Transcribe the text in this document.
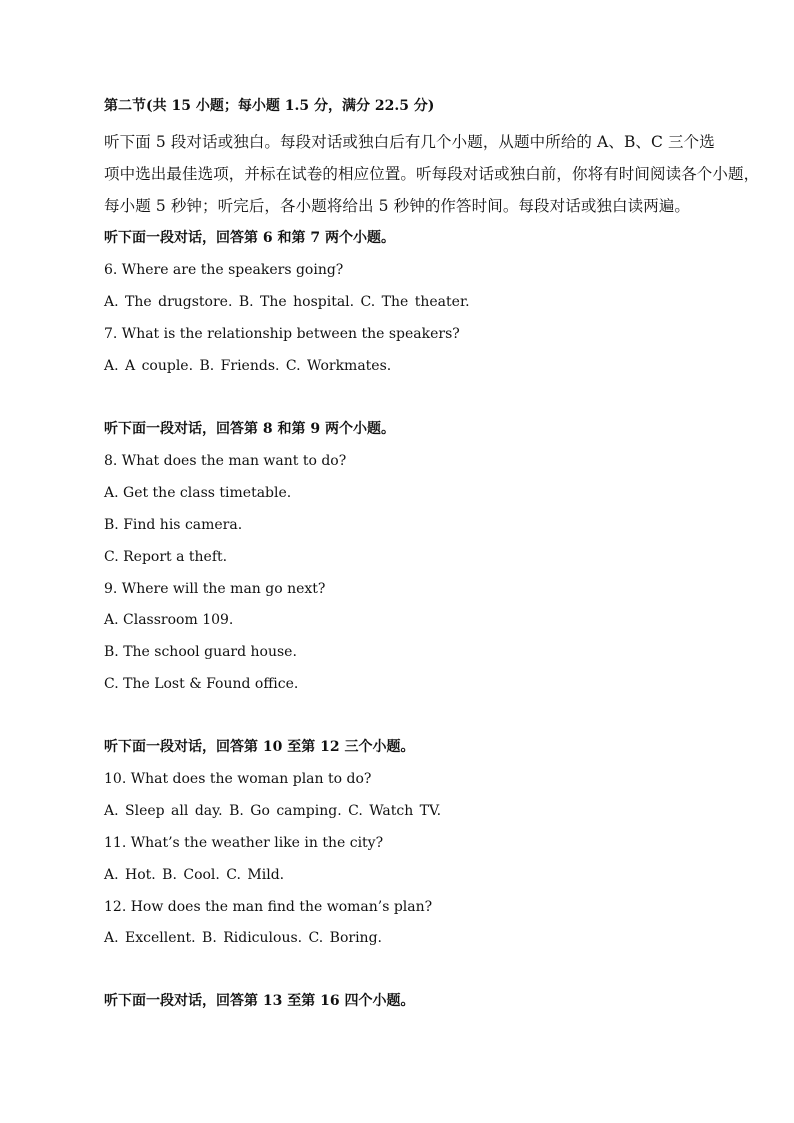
第二节(共 15 小题；每小题 1.5 分，满分 22.5 分)

听下面 5 段对话或独白。每段对话或独白后有几个小题，从题中所给的 A、B、C 三个选

项中选出最佳选项，并标在试卷的相应位置。听每段对话或独白前，你将有时间阅读各个小题，

每小题 5 秒钟；听完后，各小题将给出 5 秒钟的作答时间。每段对话或独白读两遍。

听下面一段对话，回答第 6 和第 7 两个小题。

6. Where are the speakers going?

A. The drugstore. B. The hospital. C. The theater.

7. What is the relationship between the speakers?

A. A couple. B. Friends. C. Workmates.

听下面一段对话，回答第 8 和第 9 两个小题。

8. What does the man want to do?

A. Get the class timetable.

B. Find his camera.

C. Report a theft.

9. Where will the man go next?

A. Classroom 109.

B. The school guard house.

C. The Lost & Found office.

听下面一段对话，回答第 10 至第 12 三个小题。

10. What does the woman plan to do?

A. Sleep all day. B. Go camping. C. Watch TV.

11. What’s the weather like in the city?

A. Hot. B. Cool. C. Mild.

12. How does the man find the woman’s plan?

A. Excellent. B. Ridiculous. C. Boring.

听下面一段对话，回答第 13 至第 16 四个小题。
